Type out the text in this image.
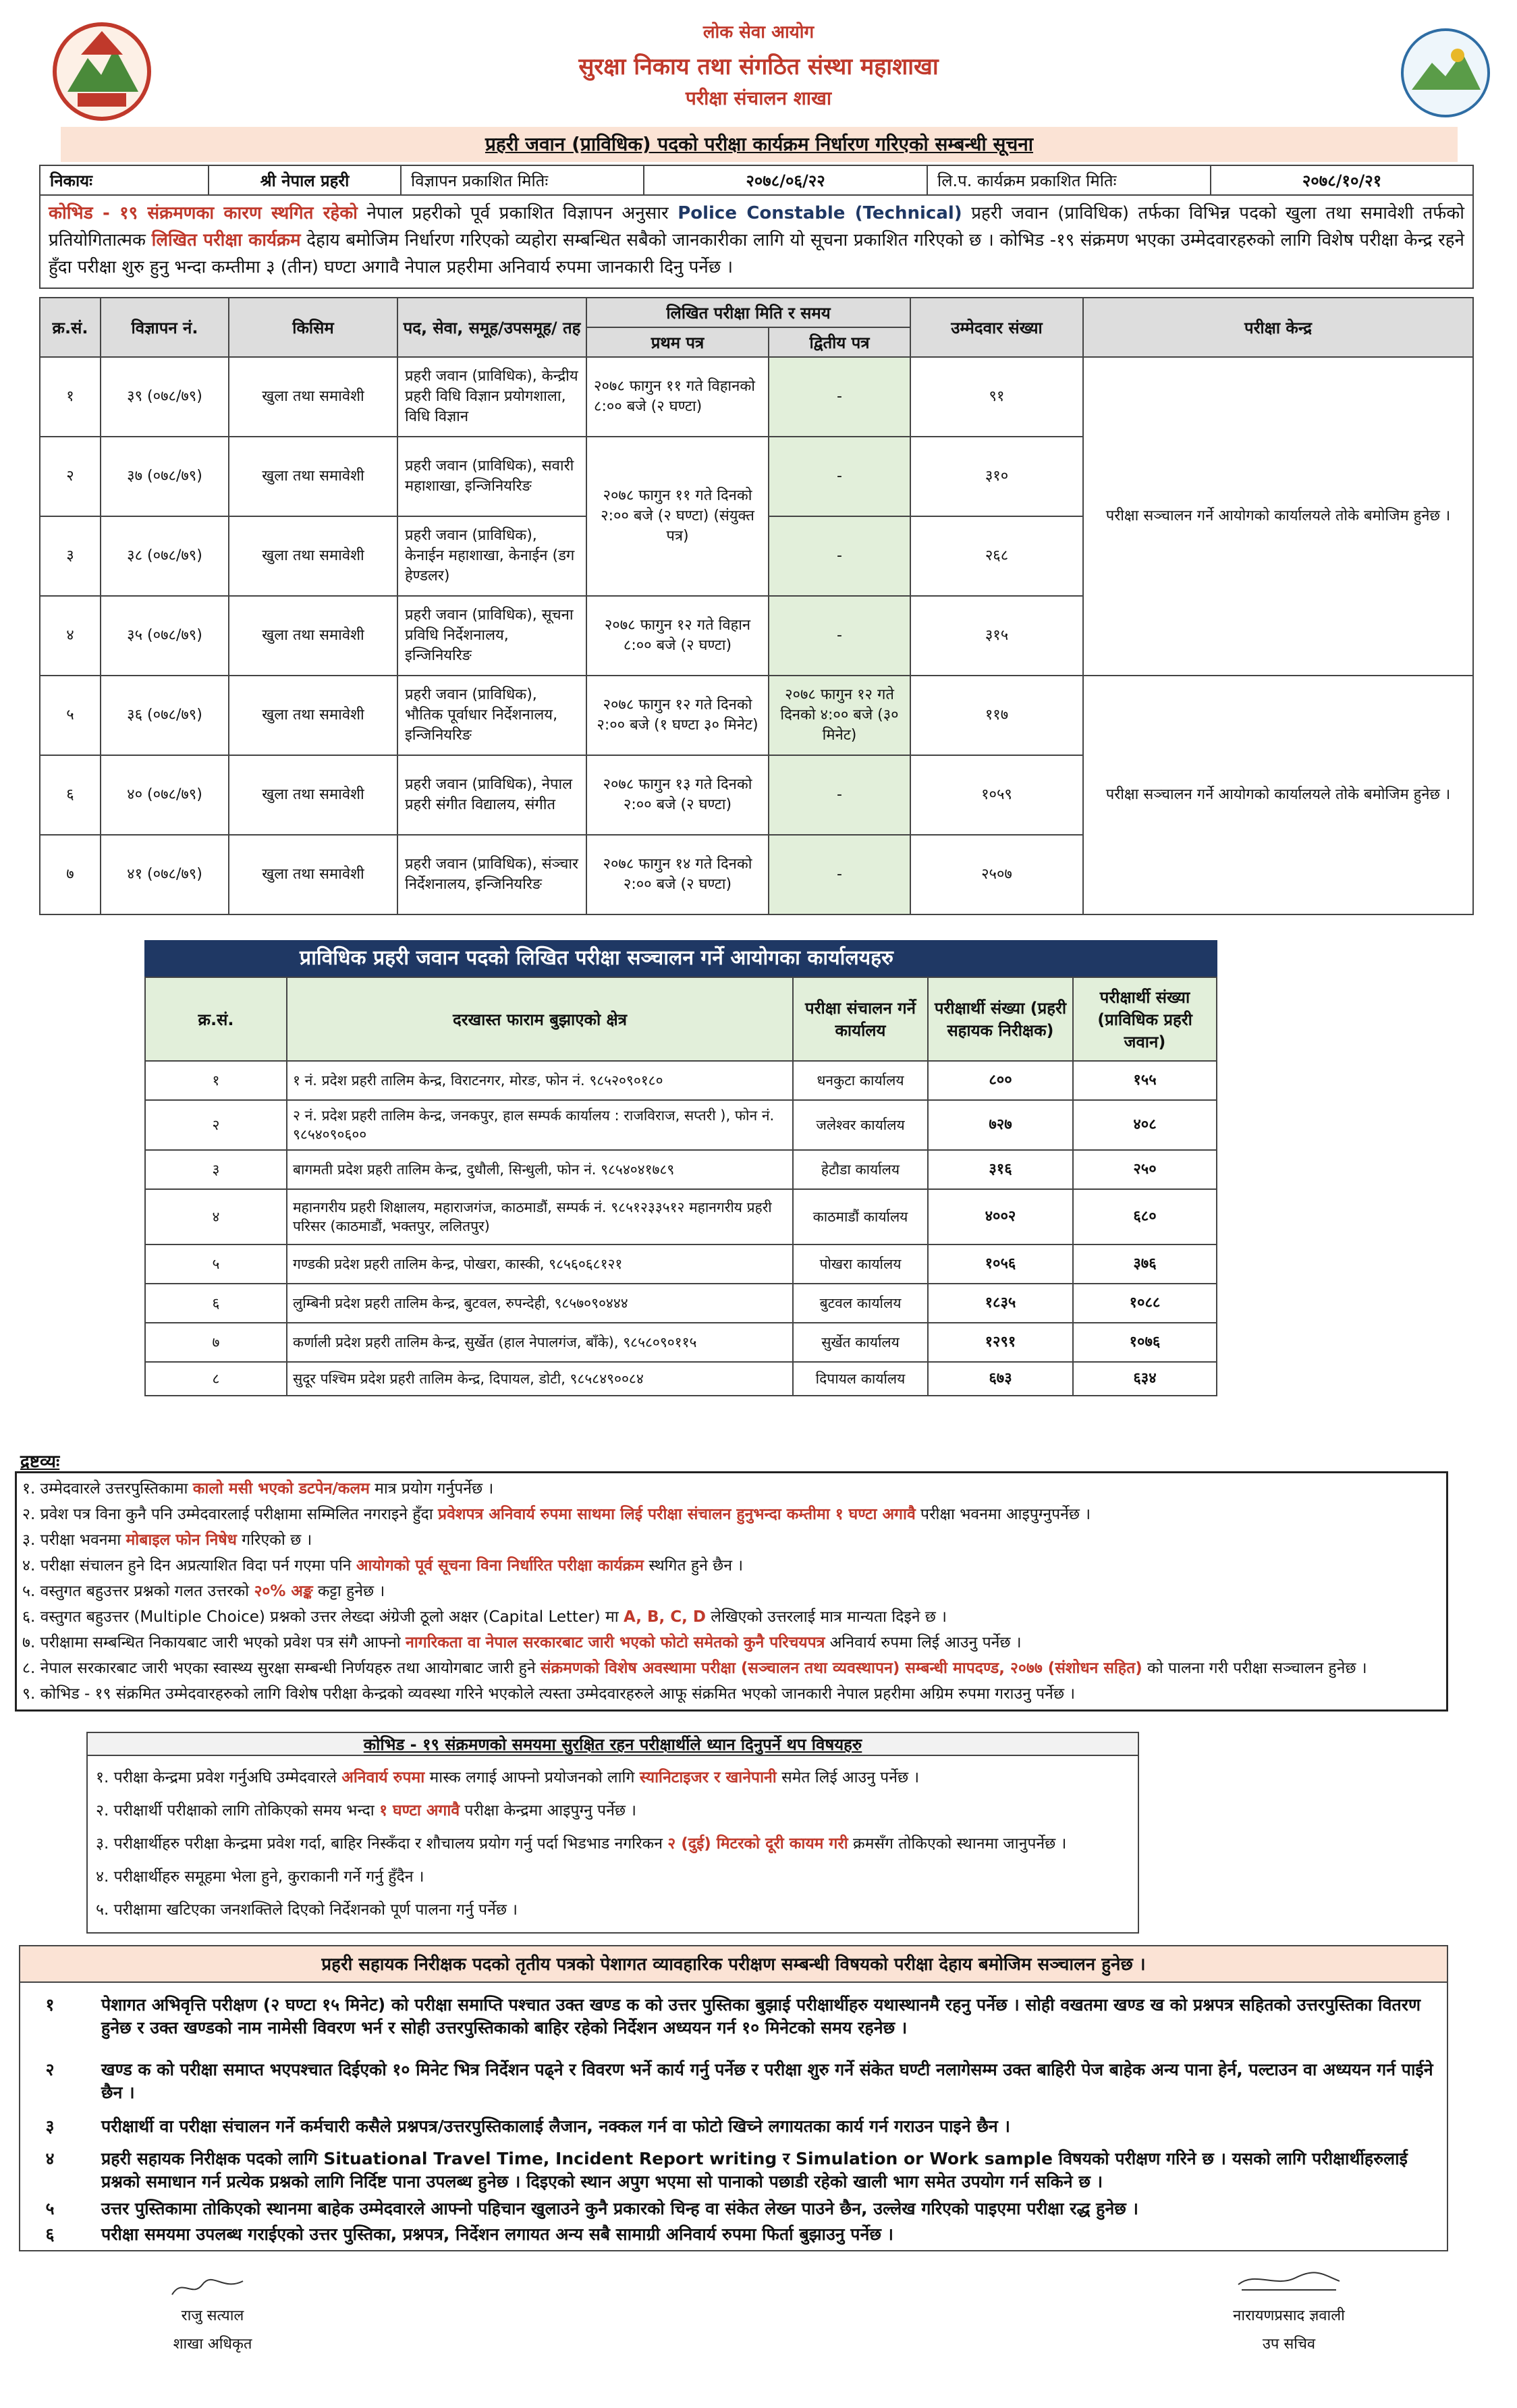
लोक सेवा आयोग
सुरक्षा निकाय तथा संगठित संस्था महाशाखा
परीक्षा संचालन शाखा
प्रहरी जवान (प्राविधिक) पदको परीक्षा कार्यक्रम निर्धारण गरिएको सम्बन्धी सूचना
निकायः	श्री नेपाल प्रहरी	विज्ञापन प्रकाशित मितिः	२०७८/०६/२२	लि.प. कार्यक्रम प्रकाशित मितिः	२०७८/१०/२१
कोभिड - १९ संक्रमणका कारण स्थगित रहेको नेपाल प्रहरीको पूर्व प्रकाशित विज्ञापन अनुसार Police Constable (Technical) प्रहरी जवान (प्राविधिक) तर्फका विभिन्न पदको खुला तथा समावेशी तर्फको प्रतियोगितात्मक लिखित परीक्षा कार्यक्रम देहाय बमोजिम निर्धारण गरिएको व्यहोरा सम्बन्धित सबैको जानकारीका लागि यो सूचना प्रकाशित गरिएको छ । कोभिड -१९ संक्रमण भएका उम्मेदवारहरुको लागि विशेष परीक्षा केन्द्र रहने हुँदा परीक्षा शुरु हुनु भन्दा कम्तीमा ३ (तीन) घण्टा अगावै नेपाल प्रहरीमा अनिवार्य रुपमा जानकारी दिनु पर्नेछ ।
क्र.सं.	विज्ञापन नं.	किसिम	पद, सेवा, समूह/उपसमूह/ तह	लिखित परीक्षा मिति र समय		उम्मेदवार संख्या	परीक्षा केन्द्र
				प्रथम पत्र	द्वितीय पत्र		
१	३९ (०७८/७९)	खुला तथा समावेशी	प्रहरी जवान (प्राविधिक), केन्द्रीय प्रहरी विधि विज्ञान प्रयोगशाला, विधि विज्ञान	२०७८ फागुन ११ गते विहानको ८:०० बजे (२ घण्टा)	-	९१	परीक्षा सञ्चालन गर्ने आयोगको कार्यालयले तोके बमोजिम हुनेछ ।
२	३७ (०७८/७९)	खुला तथा समावेशी	प्रहरी जवान (प्राविधिक), सवारी महाशाखा, इन्जिनियरिङ	२०७८ फागुन ११ गते दिनको २:०० बजे (२ घण्टा) (संयुक्त पत्र)	-	३१०	
३	३८ (०७८/७९)	खुला तथा समावेशी	प्रहरी जवान (प्राविधिक), केनाईन महाशाखा, केनाईन (डग हेण्डलर)		-	२६८	
४	३५ (०७८/७९)	खुला तथा समावेशी	प्रहरी जवान (प्राविधिक), सूचना प्रविधि निर्देशनालय, इन्जिनियरिङ	२०७८ फागुन १२ गते विहान ८:०० बजे (२ घण्टा)	-	३१५	
५	३६ (०७८/७९)	खुला तथा समावेशी	प्रहरी जवान (प्राविधिक), भौतिक पूर्वाधार निर्देशनालय, इन्जिनियरिङ	२०७८ फागुन १२ गते दिनको २:०० बजे (१ घण्टा ३० मिनेट)	२०७८ फागुन १२ गते दिनको ४:०० बजे (३० मिनेट)	११७	परीक्षा सञ्चालन गर्ने आयोगको कार्यालयले तोके बमोजिम हुनेछ ।
६	४० (०७८/७९)	खुला तथा समावेशी	प्रहरी जवान (प्राविधिक), नेपाल प्रहरी संगीत विद्यालय, संगीत	२०७८ फागुन १३ गते दिनको २:०० बजे (२ घण्टा)	-	१०५९	
७	४१ (०७८/७९)	खुला तथा समावेशी	प्रहरी जवान (प्राविधिक), संञ्चार निर्देशनालय, इन्जिनियरिङ	२०७८ फागुन १४ गते दिनको २:०० बजे (२ घण्टा)	-	२५०७	
प्राविधिक प्रहरी जवान पदको लिखित परीक्षा सञ्चालन गर्ने आयोगका कार्यालयहरु
क्र.सं.	दरखास्त फाराम बुझाएको क्षेत्र	परीक्षा संचालन गर्ने कार्यालय	परीक्षार्थी संख्या (प्रहरी सहायक निरीक्षक)	परीक्षार्थी संख्या (प्राविधिक प्रहरी जवान)
१	१ नं. प्रदेश प्रहरी तालिम केन्द्र, विराटनगर, मोरङ, फोन नं. ९८५२०९०१८०	धनकुटा कार्यालय	८००	१५५
२	२ नं. प्रदेश प्रहरी तालिम केन्द्र, जनकपुर, हाल सम्पर्क कार्यालय : राजविराज, सप्तरी ), फोन नं. ९८५४०९०६००	जलेश्वर कार्यालय	७२७	४०८
३	बागमती प्रदेश प्रहरी तालिम केन्द्र, दुधौली, सिन्धुली, फोन नं. ९८५४०४१७८९	हेटौडा कार्यालय	३१६	२५०
४	महानगरीय प्रहरी शिक्षालय, महाराजगंज, काठमाडौं, सम्पर्क नं. ९८५१२३३५१२ महानगरीय प्रहरी परिसर (काठमाडौं, भक्तपुर, ललितपुर)	काठमाडौं कार्यालय	४००२	६८०
५	गण्डकी प्रदेश प्रहरी तालिम केन्द्र, पोखरा, कास्की, ९८५६०६८१२१	पोखरा कार्यालय	१०५६	३७६
६	लुम्बिनी प्रदेश प्रहरी तालिम केन्द्र, बुटवल, रुपन्देही, ९८५७०९०४४४	बुटवल कार्यालय	१८३५	१०८८
७	कर्णाली प्रदेश प्रहरी तालिम केन्द्र, सुर्खेत (हाल नेपालगंज, बाँके), ९८५८०९०११५	सुर्खेत कार्यालय	१२९१	१०७६
८	सुदूर पश्चिम प्रदेश प्रहरी तालिम केन्द्र, दिपायल, डोटी, ९८५८४९००८४	दिपायल कार्यालय	६७३	६३४
द्रष्टव्यः
१. उम्मेदवारले उत्तरपुस्तिकामा कालो मसी भएको डटपेन/कलम मात्र प्रयोग गर्नुपर्नेछ ।
२. प्रवेश पत्र विना कुनै पनि उम्मेदवारलाई परीक्षामा सम्मिलित नगराइने हुँदा प्रवेशपत्र अनिवार्य रुपमा साथमा लिई परीक्षा संचालन हुनुभन्दा कम्तीमा १ घण्टा अगावै परीक्षा भवनमा आइपुग्नुपर्नेछ ।
३. परीक्षा भवनमा मोबाइल फोन निषेध गरिएको छ ।
४. परीक्षा संचालन हुने दिन अप्रत्याशित विदा पर्न गएमा पनि आयोगको पूर्व सूचना विना निर्धारित परीक्षा कार्यक्रम स्थगित हुने छैन ।
५. वस्तुगत बहुउत्तर प्रश्नको गलत उत्तरको २०% अङ्क कट्टा हुनेछ ।
६. वस्तुगत बहुउत्तर (Multiple Choice) प्रश्नको उत्तर लेख्दा अंग्रेजी ठूलो अक्षर (Capital Letter) मा A, B, C, D लेखिएको उत्तरलाई मात्र मान्यता दिइने छ ।
७. परीक्षामा सम्बन्धित निकायबाट जारी भएको प्रवेश पत्र संगै आफ्नो नागरिकता वा नेपाल सरकारबाट जारी भएको फोटो समेतको कुनै परिचयपत्र अनिवार्य रुपमा लिई आउनु पर्नेछ ।
८. नेपाल सरकारबाट जारी भएका स्वास्थ्य सुरक्षा सम्बन्धी निर्णयहरु तथा आयोगबाट जारी हुने संक्रमणको विशेष अवस्थामा परीक्षा (सञ्चालन तथा व्यवस्थापन) सम्बन्धी मापदण्ड, २०७७ (संशोधन सहित) को पालना गरी परीक्षा सञ्चालन हुनेछ ।
९. कोभिड - १९ संक्रमित उम्मेदवारहरुको लागि विशेष परीक्षा केन्द्रको व्यवस्था गरिने भएकोले त्यस्ता उम्मेदवारहरुले आफू संक्रमित भएको जानकारी नेपाल प्रहरीमा अग्रिम रुपमा गराउनु पर्नेछ ।
कोभिड - १९ संक्रमणको समयमा सुरक्षित रहन परीक्षार्थीले ध्यान दिनुपर्ने थप विषयहरु
१. परीक्षा केन्द्रमा प्रवेश गर्नुअघि उम्मेदवारले अनिवार्य रुपमा मास्क लगाई आफ्नो प्रयोजनको लागि स्यानिटाइजर र खानेपानी समेत लिई आउनु पर्नेछ ।
२. परीक्षार्थी परीक्षाको लागि तोकिएको समय भन्दा १ घण्टा अगावै परीक्षा केन्द्रमा आइपुग्नु पर्नेछ ।
३. परीक्षार्थीहरु परीक्षा केन्द्रमा प्रवेश गर्दा, बाहिर निस्कँदा र शौचालय प्रयोग गर्नु पर्दा भिडभाड नगरिकन २ (दुई) मिटरको दूरी कायम गरी क्रमसँग तोकिएको स्थानमा जानुपर्नेछ ।
४. परीक्षार्थीहरु समूहमा भेला हुने, कुराकानी गर्ने गर्नु हुँदैन ।
५. परीक्षामा खटिएका जनशक्तिले दिएको निर्देशनको पूर्ण पालना गर्नु पर्नेछ ।
प्रहरी सहायक निरीक्षक पदको तृतीय पत्रको पेशागत व्यावहारिक परीक्षण सम्बन्धी विषयको परीक्षा देहाय बमोजिम सञ्चालन हुनेछ ।
१	पेशागत अभिवृत्ति परीक्षण (२ घण्टा १५ मिनेट) को परीक्षा समाप्ति पश्चात उक्त खण्ड क को उत्तर पुस्तिका बुझाई परीक्षार्थीहरु यथास्थानमै रहनु पर्नेछ । सोही वखतमा खण्ड ख को प्रश्नपत्र सहितको उत्तरपुस्तिका वितरण हुनेछ र उक्त खण्डको नाम नामेसी विवरण भर्न र सोही उत्तरपुस्तिकाको बाहिर रहेको निर्देशन अध्ययन गर्न १० मिनेटको समय रहनेछ ।
२	खण्ड क को परीक्षा समाप्त भएपश्चात दिईएको १० मिनेट भित्र निर्देशन पढ्ने र विवरण भर्ने कार्य गर्नु पर्नेछ र परीक्षा शुरु गर्ने संकेत घण्टी नलागेसम्म उक्त बाहिरी पेज बाहेक अन्य पाना हेर्न, पल्टाउन वा अध्ययन गर्न पाईने छैन ।
३	परीक्षार्थी वा परीक्षा संचालन गर्ने कर्मचारी कसैले प्रश्नपत्र/उत्तरपुस्तिकालाई लैजान, नक्कल गर्न वा फोटो खिच्ने लगायतका कार्य गर्न गराउन पाइने छैन ।
४	प्रहरी सहायक निरीक्षक पदको लागि Situational Travel Time, Incident Report writing र Simulation or Work sample विषयको परीक्षण गरिने छ । यसको लागि परीक्षार्थीहरुलाई प्रश्नको समाधान गर्न प्रत्येक प्रश्नको लागि निर्दिष्ट पाना उपलब्ध हुनेछ । दिइएको स्थान अपुग भएमा सो पानाको पछाडी रहेको खाली भाग समेत उपयोग गर्न सकिने छ ।
५	उत्तर पुस्तिकामा तोकिएको स्थानमा बाहेक उम्मेदवारले आफ्नो पहिचान खुलाउने कुनै प्रकारको चिन्ह वा संकेत लेख्न पाउने छैन, उल्लेख गरिएको पाइएमा परीक्षा रद्ध हुनेछ ।
६	परीक्षा समयमा उपलब्ध गराईएको उत्तर पुस्तिका, प्रश्नपत्र, निर्देशन लगायत अन्य सबै सामाग्री अनिवार्य रुपमा फिर्ता बुझाउनु पर्नेछ ।
राजु सत्याल
शाखा अधिकृत
नारायणप्रसाद ज्ञवाली
उप सचिव
